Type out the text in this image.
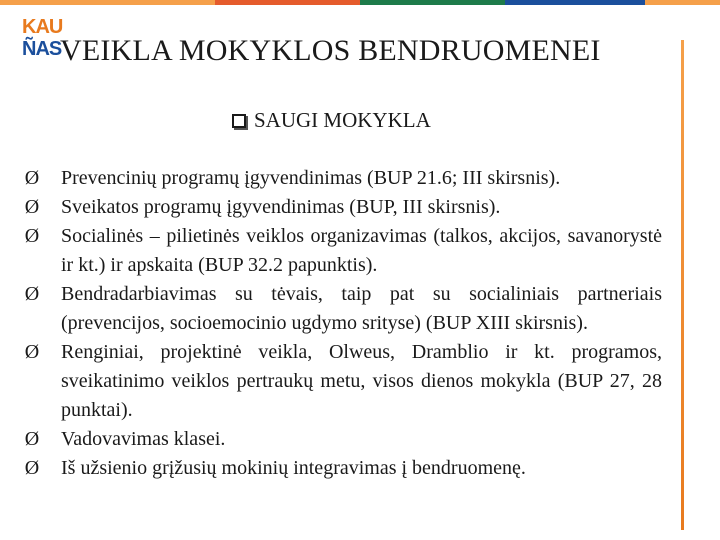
KAU
ÑAS
VEIKLA MOKYKLOS BENDRUOMENEI
SAUGI MOKYKLA
Ø Prevencinių programų įgyvendinimas (BUP 21.6; III skirsnis).
Ø Sveikatos programų įgyvendinimas (BUP, III skirsnis).
Ø Socialinės – pilietinės veiklos organizavimas (talkos, akcijos, savanorystė ir kt.) ir apskaita (BUP 32.2 papunktis).
Ø Bendradarbiavimas su tėvais, taip pat su socialiniais partneriais (prevencijos, socioemocinio ugdymo srityse) (BUP XIII skirsnis).
Ø Renginiai, projektinė veikla, Olweus, Dramblio ir kt. programos, sveikatinimo veiklos pertraukų metu, visos dienos mokykla (BUP 27, 28 punktai).
Ø Vadovavimas klasei.
Ø Iš užsienio grįžusių mokinių integravimas į bendruomenę.
